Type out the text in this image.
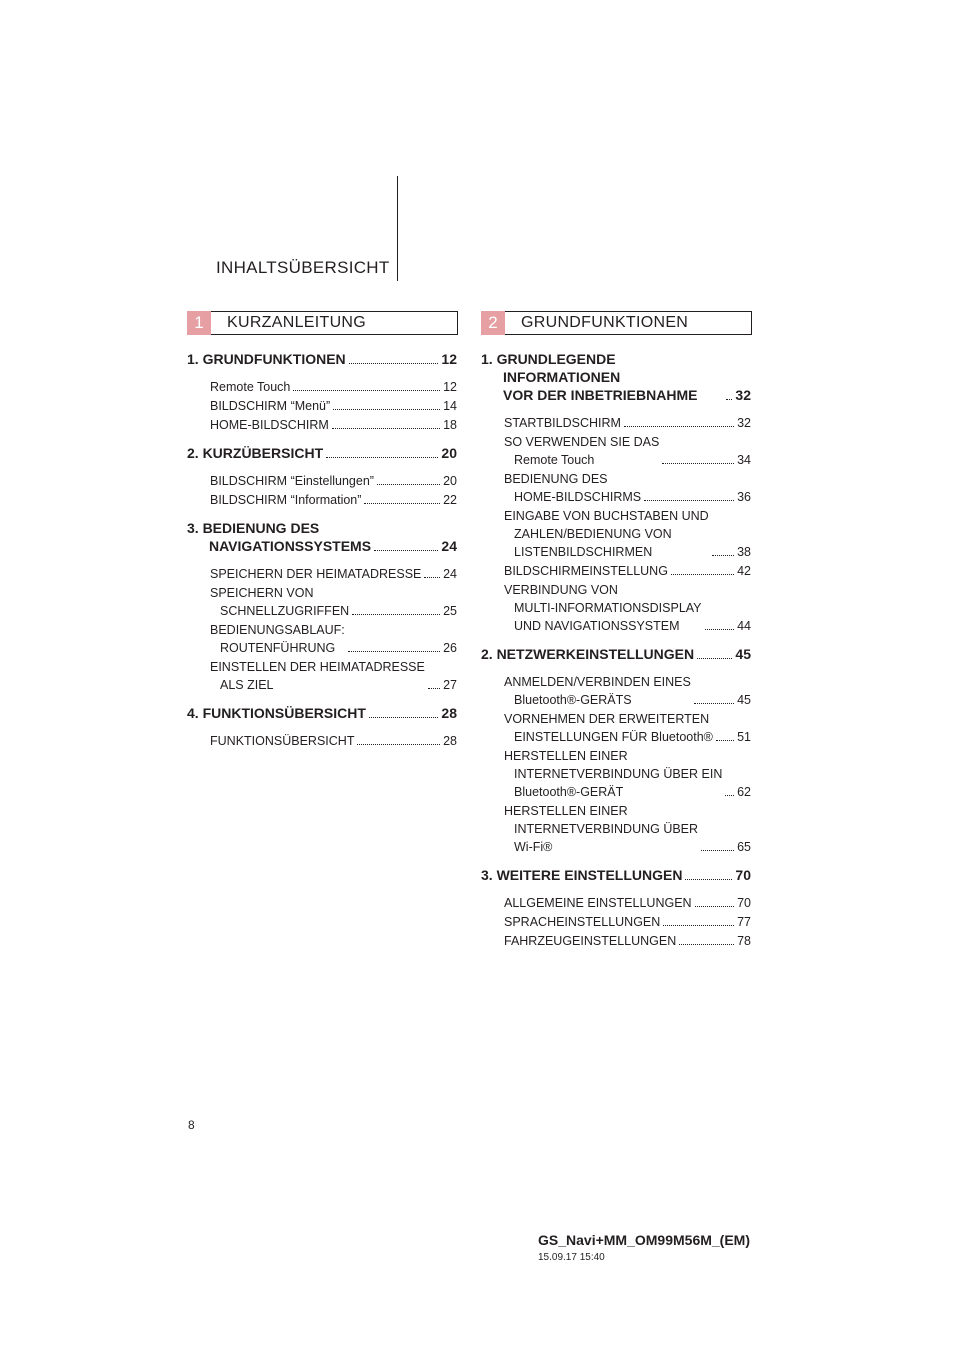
INHALTSÜBERSICHT
1	KURZANLEITUNG	2	GRUNDFUNKTIONEN
1. GRUNDFUNKTIONEN	12
Remote Touch	12
BILDSCHIRM “Menü”	14
HOME-BILDSCHIRM	18
2. KURZÜBERSICHT	20
BILDSCHIRM “Einstellungen”	20
BILDSCHIRM “Information”	22
3. BEDIENUNG DES
NAVIGATIONSSYSTEMS	24
SPEICHERN DER HEIMATADRESSE 24
SPEICHERN VON
SCHNELLZUGRIFFEN	25
BEDIENUNGSABLAUF:
ROUTENFÜHRUNG	26
EINSTELLEN DER HEIMATADRESSE
ALS ZIEL	27
4. FUNKTIONSÜBERSICHT	28
FUNKTIONSÜBERSICHT	28
1. GRUNDLEGENDE INFORMATIONEN
VOR DER INBETRIEBNAHME	32
STARTBILDSCHIRM	32
SO VERWENDEN SIE DAS
Remote Touch	34
BEDIENUNG DES
HOME-BILDSCHIRMS	36
EINGABE VON BUCHSTABEN UND
ZAHLEN/BEDIENUNG VON
LISTENBILDSCHIRMEN	38
BILDSCHIRMEINSTELLUNG	42
VERBINDUNG VON
MULTI-INFORMATIONSDISPLAY
UND NAVIGATIONSSYSTEM	44
2. NETZWERKEINSTELLUNGEN	45
ANMELDEN/VERBINDEN EINES
Bluetooth®-GERÄTS	45
VORNEHMEN DER ERWEITERTEN
EINSTELLUNGEN FÜR Bluetooth® 51
HERSTELLEN EINER
INTERNETVERBINDUNG ÜBER EIN
Bluetooth®-GERÄT	62
HERSTELLEN EINER
INTERNETVERBINDUNG ÜBER
Wi-Fi®	65
3. WEITERE EINSTELLUNGEN	70
ALLGEMEINE EINSTELLUNGEN	70
SPRACHEINSTELLUNGEN	77
FAHRZEUGEINSTELLUNGEN	78
8
GS_Navi+MM_OM99M56M_(EM)
15.09.17 15:40
